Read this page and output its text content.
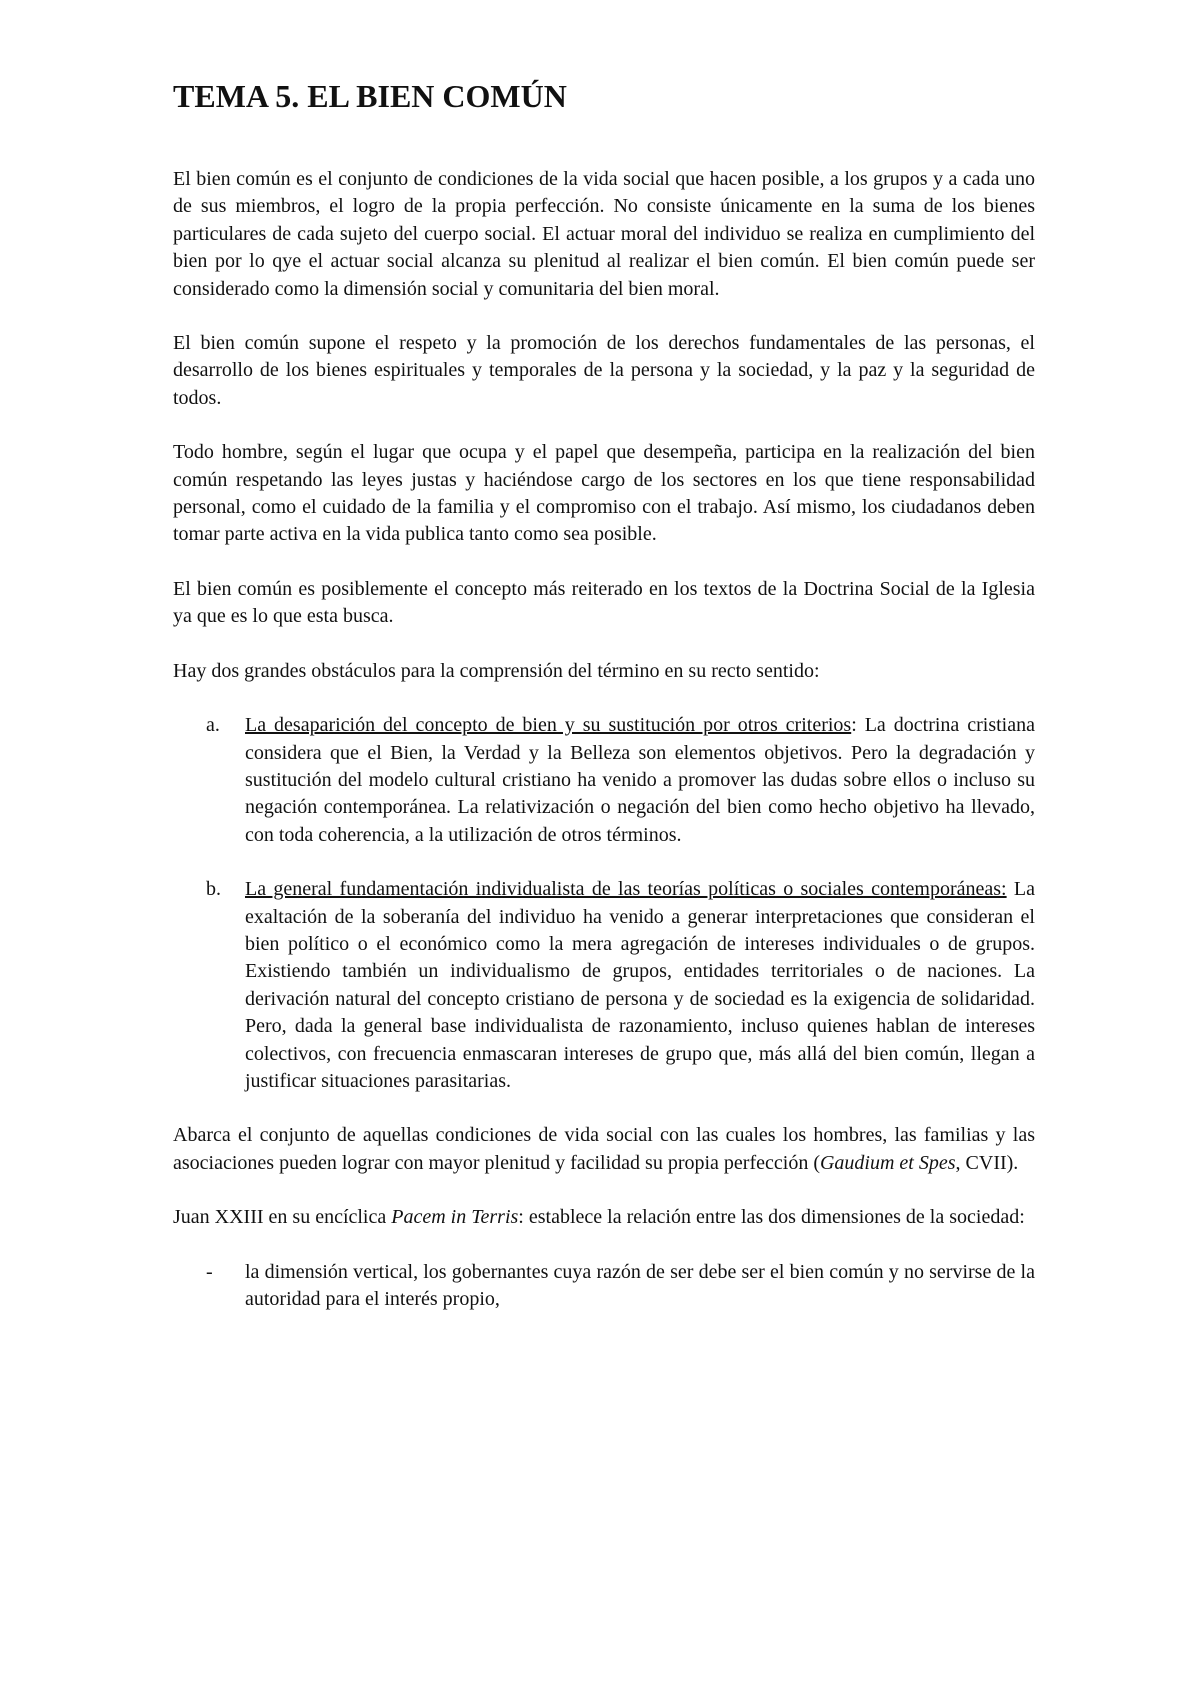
TEMA 5. EL BIEN COMÚN

El bien común es el conjunto de condiciones de la vida social que hacen posible, a los grupos y a cada uno de sus miembros, el logro de la propia perfección. No consiste únicamente en la suma de los bienes particulares de cada sujeto del cuerpo social. El actuar moral del individuo se realiza en cumplimiento del bien por lo qye el actuar social alcanza su plenitud al realizar el bien común. El bien común puede ser considerado como la dimensión social y comunitaria del bien moral.

El bien común supone el respeto y la promoción de los derechos fundamentales de las personas, el desarrollo de los bienes espirituales y temporales de la persona y la sociedad, y la paz y la seguridad de todos.

Todo hombre, según el lugar que ocupa y el papel que desempeña, participa en la realización del bien común respetando las leyes justas y haciéndose cargo de los sectores en los que tiene responsabilidad personal, como el cuidado de la familia y el compromiso con el trabajo. Así mismo, los ciudadanos deben tomar parte activa en la vida publica tanto como sea posible.

El bien común es posiblemente el concepto más reiterado en los textos de la Doctrina Social de la Iglesia ya que es lo que esta busca.

Hay dos grandes obstáculos para la comprensión del término en su recto sentido:

a. La desaparición del concepto de bien y su sustitución por otros criterios: La doctrina cristiana considera que el Bien, la Verdad y la Belleza son elementos objetivos. Pero la degradación y sustitución del modelo cultural cristiano ha venido a promover las dudas sobre ellos o incluso su negación contemporánea. La relativización o negación del bien como hecho objetivo ha llevado, con toda coherencia, a la utilización de otros términos.
b. La general fundamentación individualista de las teorías políticas o sociales contemporáneas: La exaltación de la soberanía del individuo ha venido a generar interpretaciones que consideran el bien político o el económico como la mera agregación de intereses individuales o de grupos. Existiendo también un individualismo de grupos, entidades territoriales o de naciones. La derivación natural del concepto cristiano de persona y de sociedad es la exigencia de solidaridad. Pero, dada la general base individualista de razonamiento, incluso quienes hablan de intereses colectivos, con frecuencia enmascaran intereses de grupo que, más allá del bien común, llegan a justificar situaciones parasitarias.

Abarca el conjunto de aquellas condiciones de vida social con las cuales los hombres, las familias y las asociaciones pueden lograr con mayor plenitud y facilidad su propia perfección (Gaudium et Spes, CVII).

Juan XXIII en su encíclica Pacem in Terris: establece la relación entre las dos dimensiones de la sociedad:

- la dimensión vertical, los gobernantes cuya razón de ser debe ser el bien común y no servirse de la autoridad para el interés propio,
